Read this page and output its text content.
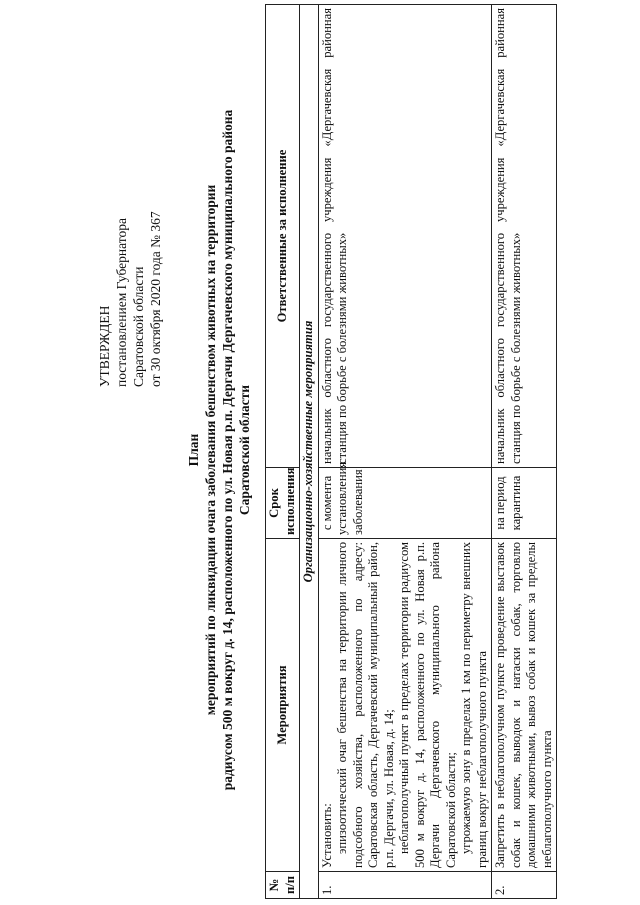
УТВЕРЖДЕН постановлением Губернатора Саратовской области от 30 октября 2020 года № 367
План мероприятий по ликвидации очага заболевания бешенством животных на территории радиусом 500 м вокруг д. 14, расположенного по ул. Новая р.п. Дергачи Дергачевского муниципального района Саратовской области
№ п/п	Мероприятия	Срок исполнения	Ответственные за исполнение
Организационно-хозяйственные мероприятия			
1.	Установить: эпизоотический очаг бешенства на территории личного подсобного хозяйства, расположенного по адресу: Саратовская область, Дергачевский муниципальный район, р.п. Дергачи, ул. Новая, д. 14; неблагополучный пункт в пределах территории радиусом 500 м вокруг д. 14, расположенного по ул. Новая р.п. Дергачи Дергачевского муниципального района Саратовской области; угрожаемую зону в пределах 1 км по периметру внешних границ вокруг неблагополучного пункта	с момента установления заболевания	начальник областного государственного учреждения «Дергачевская районная станция по борьбе с болезнями животных»
2.	Запретить в неблагополучном пункте проведение выставок собак и кошек, выводок и натаски собак, торговлю домашними животными, вывоз собак и кошек за пределы неблагополучного пункта	на период карантина	начальник областного государственного учреждения «Дергачевская районная станция по борьбе с болезнями животных»
